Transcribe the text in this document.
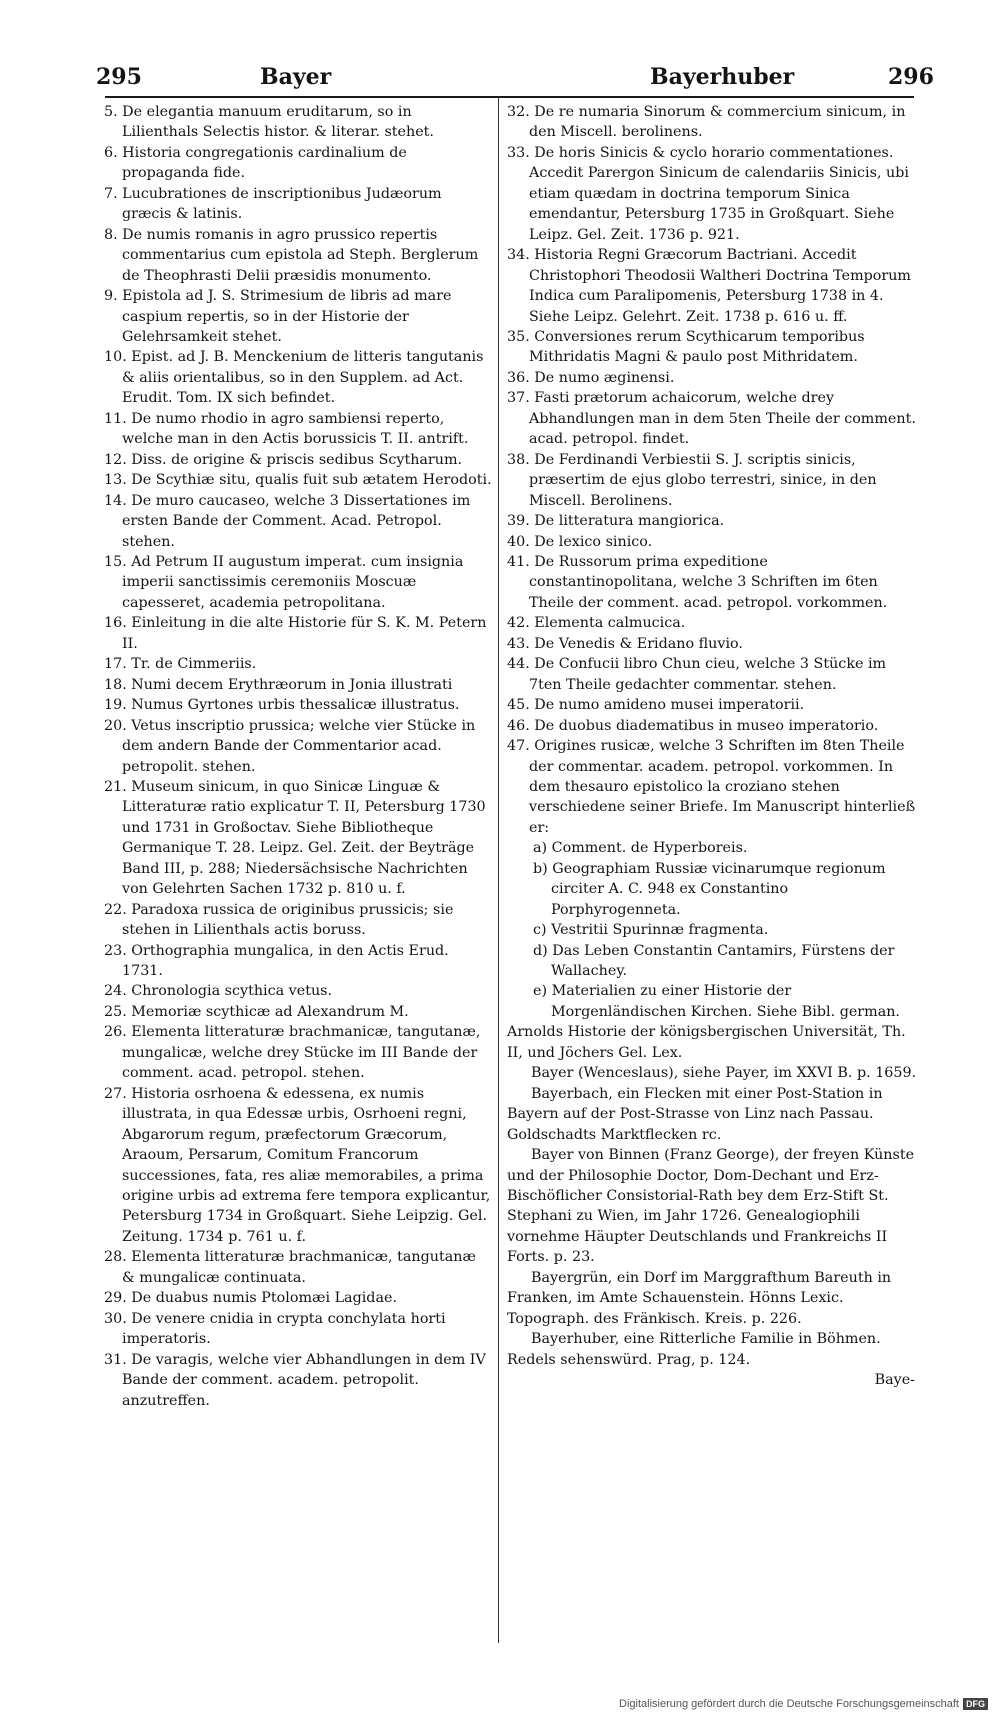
295	Bayer	Bayerhuber	296
5. De elegantia manuum eruditarum, so in Lilienthals Selectis histor. & literar. stehet.
6. Historia congregationis cardinalium de propaganda fide.
7. Lucubrationes de inscriptionibus Judæorum græcis & latinis.
8. De numis romanis in agro prussico repertis commentarius cum epistola ad Steph. Berglerum de Theophrasti Delii præsidis monumento.
9. Epistola ad J. S. Strimesium de libris ad mare caspium repertis, so in der Historie der Gelehrsamkeit stehet.
10. Epist. ad J. B. Menckenium de litteris tangutanis & aliis orientalibus, so in den Supplem. ad Act. Erudit. Tom. IX sich befindet.
11. De numo rhodio in agro sambiensi reperto, welche man in den Actis borussicis T. II. antrift.
12. Diss. de origine & priscis sedibus Scytharum.
13. De Scythiæ situ, qualis fuit sub ætatem Herodoti.
14. De muro caucaseo, welche 3 Dissertationes im ersten Bande der Comment. Acad. Petropol. stehen.
15. Ad Petrum II augustum imperat. cum insignia imperii sanctissimis ceremoniis Moscuæ capesseret, academia petropolitana.
16. Einleitung in die alte Historie für S. K. M. Petern II.
17. Tr. de Cimmeriis.
18. Numi decem Erythræorum in Jonia illustrati
19. Numus Gyrtones urbis thessalicæ illustratus.
20. Vetus inscriptio prussica; welche vier Stücke in dem andern Bande der Commentarior acad. petropolit. stehen.
21. Museum sinicum, in quo Sinicæ Linguæ & Litteraturæ ratio explicatur T. II, Petersburg 1730 und 1731 in Großoctav. Siehe Bibliotheque Germanique T. 28. Leipz. Gel. Zeit. der Beyträge Band III, p. 288; Niedersächsische Nachrichten von Gelehrten Sachen 1732 p. 810 u. f.
22. Paradoxa russica de originibus prussicis; sie stehen in Lilienthals actis boruss.
23. Orthographia mungalica, in den Actis Erud. 1731.
24. Chronologia scythica vetus.
25. Memoriæ scythicæ ad Alexandrum M.
26. Elementa litteraturæ brachmanicæ, tangutanæ, mungalicæ, welche drey Stücke im III Bande der comment. acad. petropol. stehen.
27. Historia osrhoena & edessena, ex numis illustrata, in qua Edessæ urbis, Osrhoeni regni, Abgarorum regum, præfectorum Græcorum, Araoum, Persarum, Comitum Francorum successiones, fata, res aliæ memorabiles, a prima origine urbis ad extrema fere tempora explicantur, Petersburg 1734 in Großquart. Siehe Leipzig. Gel. Zeitung. 1734 p. 761 u. f.
28. Elementa litteraturæ brachmanicæ, tangutanæ & mungalicæ continuata.
29. De duabus numis Ptolomæi Lagidae.
30. De venere cnidia in crypta conchylata horti imperatoris.
31. De varagis, welche vier Abhandlungen in dem IV Bande der comment. academ. petropolit. anzutreffen.
32. De re numaria Sinorum & commercium sinicum, in den Miscell. berolinens.
33. De horis Sinicis & cyclo horario commentationes. Accedit Parergon Sinicum de calendariis Sinicis, ubi etiam quædam in doctrina temporum Sinica emendantur, Petersburg 1735 in Großquart. Siehe Leipz. Gel. Zeit. 1736 p. 921.
34. Historia Regni Græcorum Bactriani. Accedit Christophori Theodosii Waltheri Doctrina Temporum Indica cum Paralipomenis, Petersburg 1738 in 4. Siehe Leipz. Gelehrt. Zeit. 1738 p. 616 u. ff.
35. Conversiones rerum Scythicarum temporibus Mithridatis Magni & paulo post Mithridatem.
36. De numo æginensi.
37. Fasti prætorum achaicorum, welche drey Abhandlungen man in dem 5ten Theile der comment. acad. petropol. findet.
38. De Ferdinandi Verbiestii S. J. scriptis sinicis, præsertim de ejus globo terrestri, sinice, in den Miscell. Berolinens.
39. De litteratura mangiorica.
40. De lexico sinico.
41. De Russorum prima expeditione constantinopolitana, welche 3 Schriften im 6ten Theile der comment. acad. petropol. vorkommen.
42. Elementa calmucica.
43. De Venedis & Eridano fluvio.
44. De Confucii libro Chun cieu, welche 3 Stücke im 7ten Theile gedachter commentar. stehen.
45. De numo amideno musei imperatorii.
46. De duobus diadematibus in museo imperatorio.
47. Origines rusicæ, welche 3 Schriften im 8ten Theile der commentar. academ. petropol. vorkommen. In dem thesauro epistolico la croziano stehen verschiedene seiner Briefe. Im Manuscript hinterließ er:
a) Comment. de Hyperboreis.
b) Geographiam Russiæ vicinarumque regionum circiter A. C. 948 ex Constantino Porphyrogenneta.
c) Vestritii Spurinnæ fragmenta.
d) Das Leben Constantin Cantamirs, Fürstens der Wallachey.
e) Materialien zu einer Historie der Morgenländischen Kirchen. Siehe Bibl. german.
Arnolds Historie der königsbergischen Universität, Th. II, und Jöchers Gel. Lex.
Bayer (Wenceslaus), siehe Payer, im XXVI B. p. 1659.
Bayerbach, ein Flecken mit einer Post-Station in Bayern auf der Post-Strasse von Linz nach Passau. Goldschadts Marktflecken rc.
Bayer von Binnen (Franz George), der freyen Künste und der Philosophie Doctor, Dom-Dechant und Erz-Bischöflicher Consistorial-Rath bey dem Erz-Stift St. Stephani zu Wien, im Jahr 1726. Genealogiophili vornehme Häupter Deutschlands und Frankreichs II Forts. p. 23.
Bayergrün, ein Dorf im Marggrafthum Bareuth in Franken, im Amte Schauenstein. Hönns Lexic. Topograph. des Fränkisch. Kreis. p. 226.
Bayerhuber, eine Ritterliche Familie in Böhmen. Redels sehenswürd. Prag, p. 124.
Baye-
Digitalisierung gefördert durch die Deutsche Forschungsgemeinschaft DFG
